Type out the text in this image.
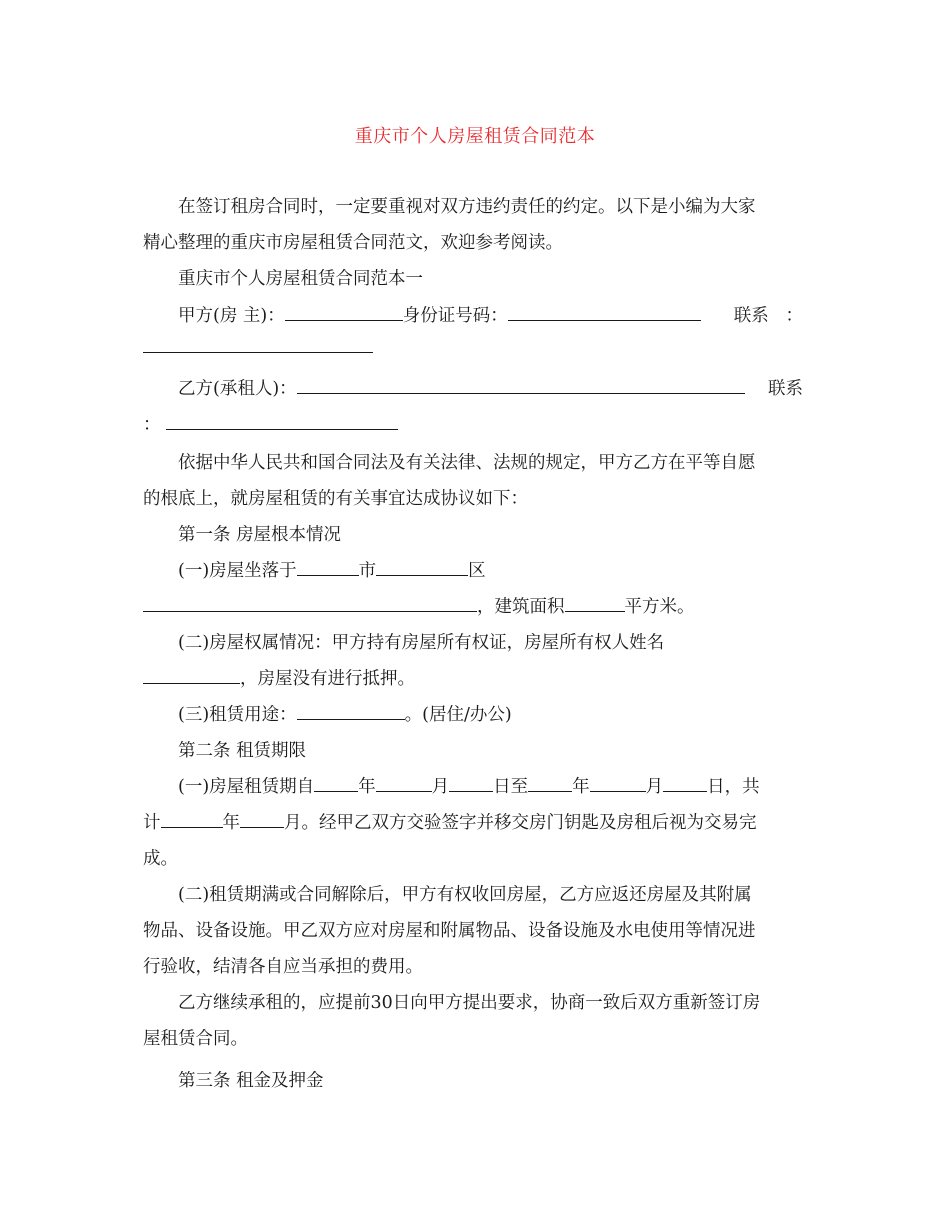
重庆市个人房屋租赁合同范本
在签订租房合同时，一定要重视对双方违约责任的约定。以下是小编为大家
精心整理的重庆市房屋租赁合同范文，欢迎参考阅读。
重庆市个人房屋租赁合同范本一
甲方(房 主)：	身份证号码：	联系 ：
乙方(承租人)：	联系
：
依据中华人民共和国合同法及有关法律、法规的规定，甲方乙方在平等自愿
的根底上，就房屋租赁的有关事宜达成协议如下：
第一条 房屋根本情况
(一)房屋坐落于	市	区
，建筑面积	平方米。
(二)房屋权属情况：甲方持有房屋所有权证，房屋所有权人姓名
，房屋没有进行抵押。
(三)租赁用途：	。(居住/办公)
第二条 租赁期限
(一)房屋租赁期自	年	月	日至	年	月	日，共
计	年	月。经甲乙双方交验签字并移交房门钥匙及房租后视为交易完
成。
(二)租赁期满或合同解除后，甲方有权收回房屋，乙方应返还房屋及其附属
物品、设备设施。甲乙双方应对房屋和附属物品、设备设施及水电使用等情况进
行验收，结清各自应当承担的费用。
乙方继续承租的，应提前30日向甲方提出要求，协商一致后双方重新签订房
屋租赁合同。
第三条 租金及押金
